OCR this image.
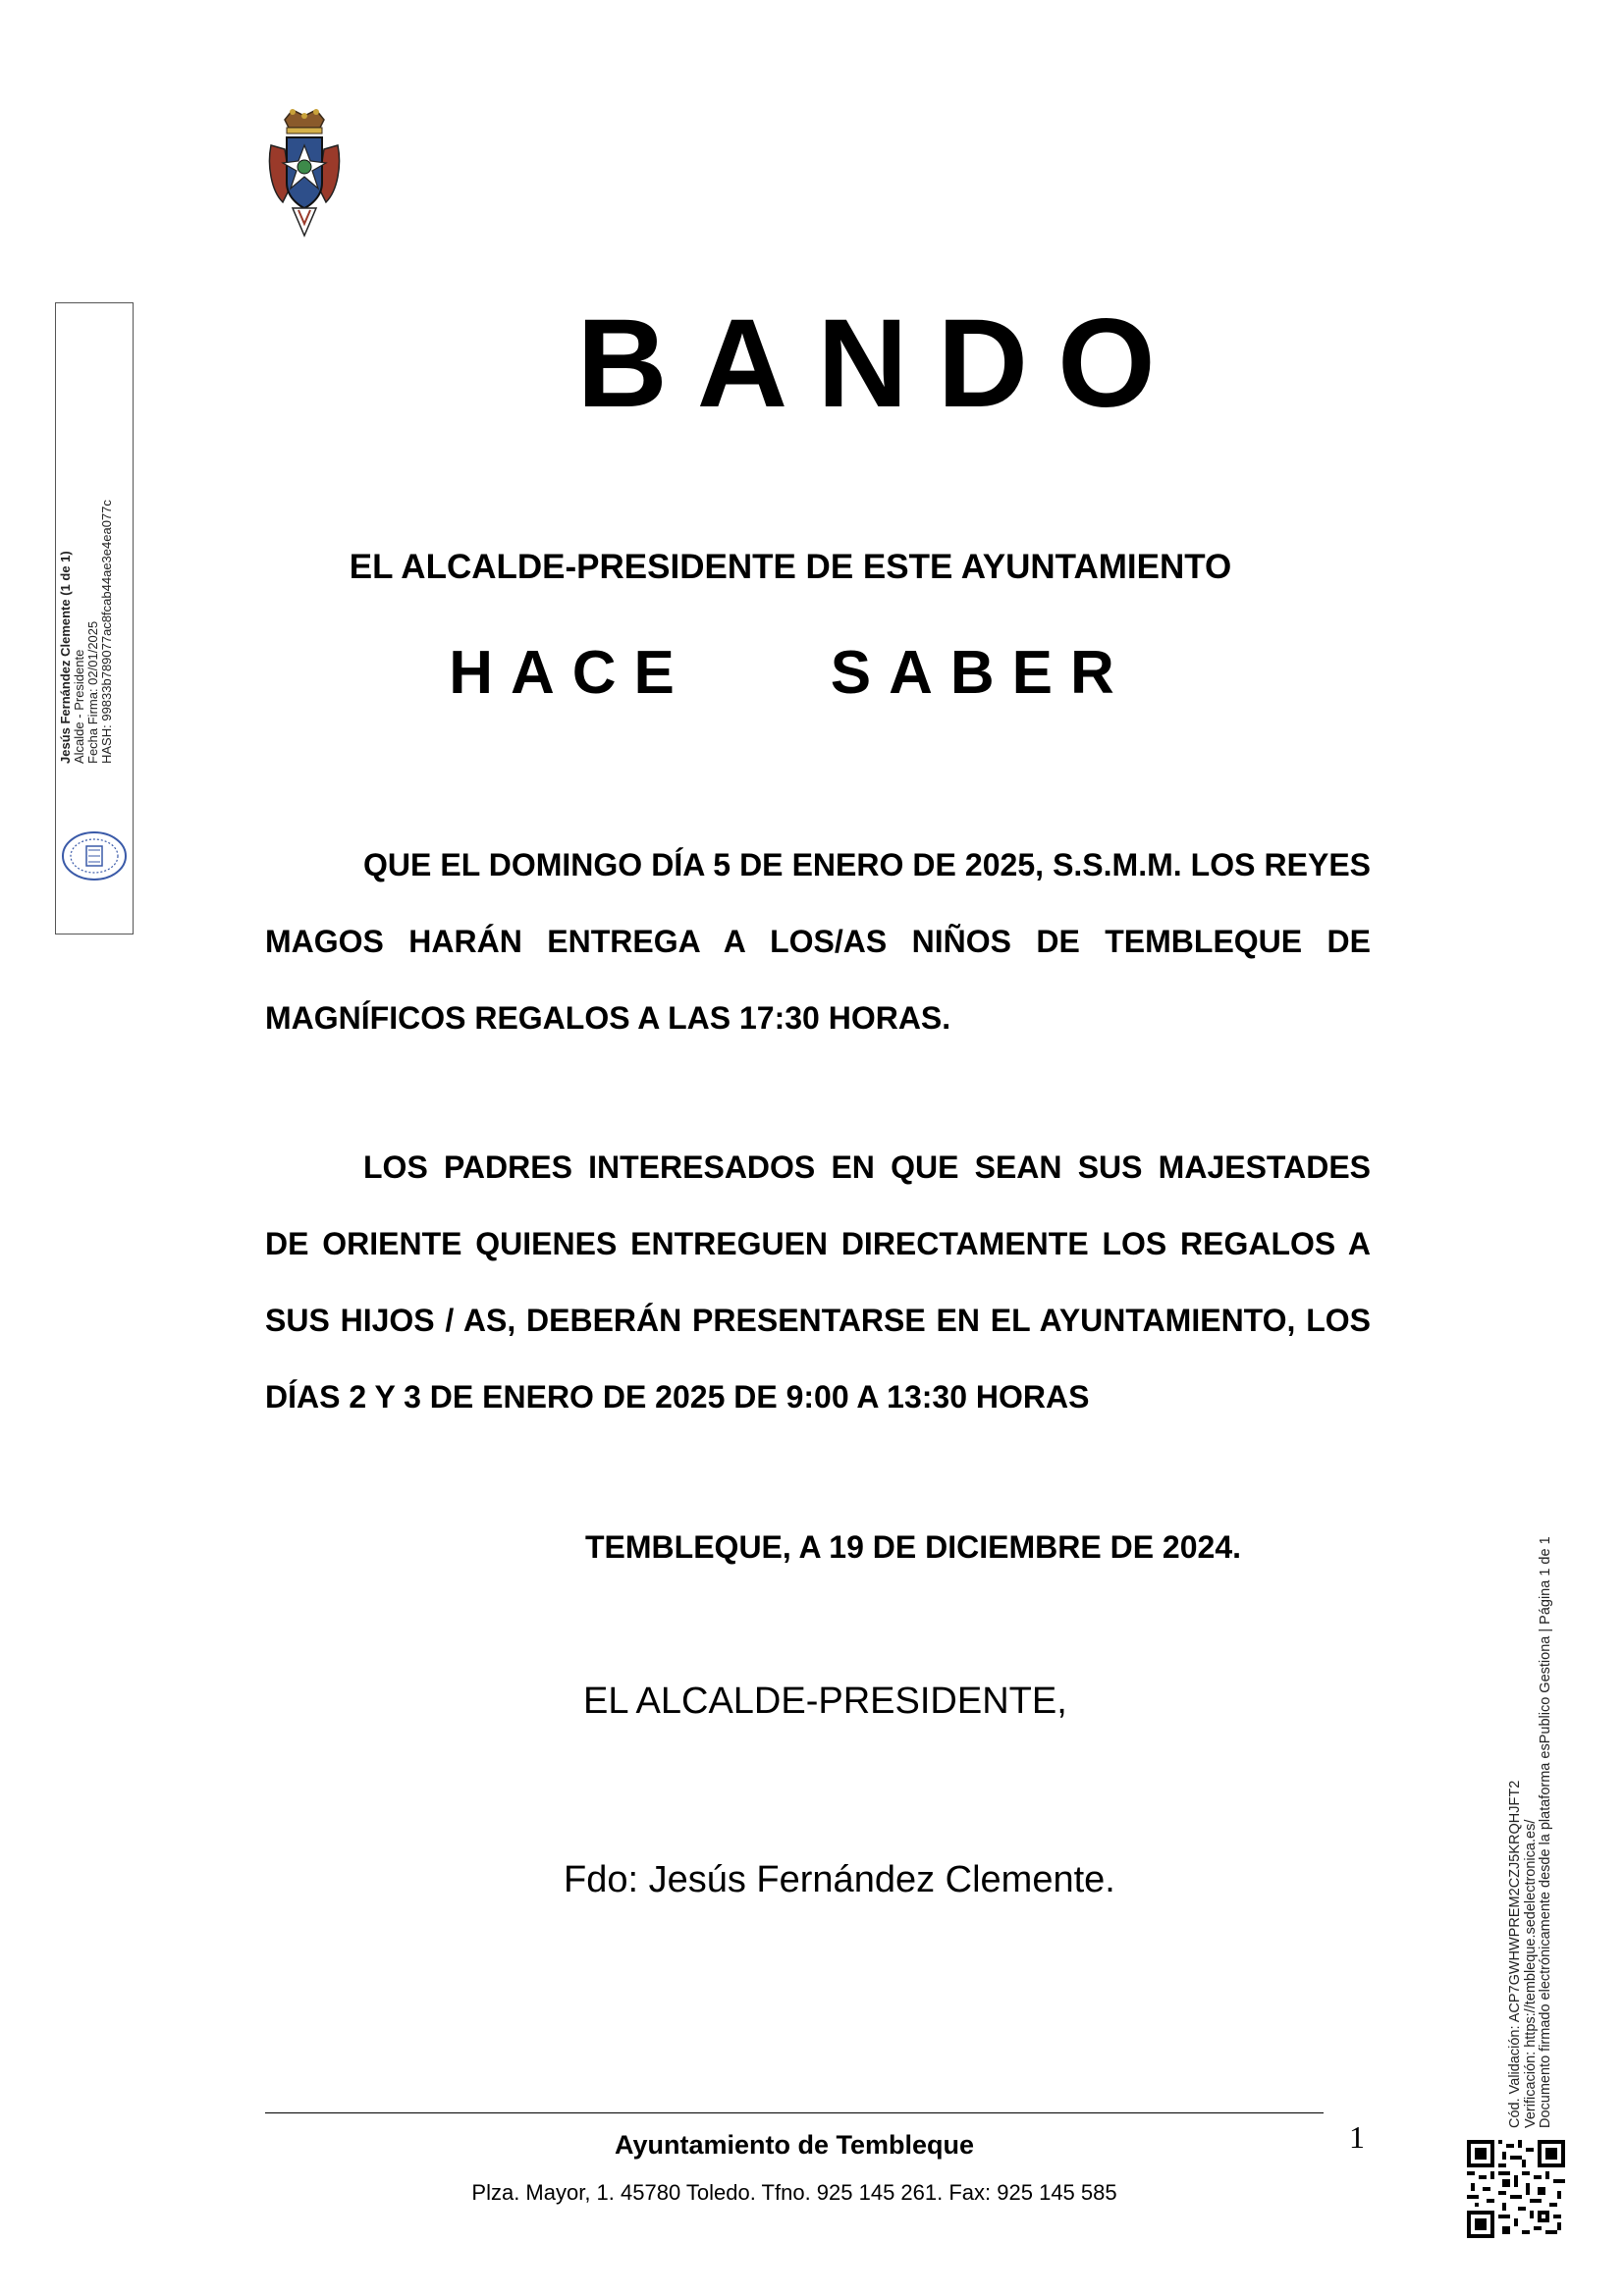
Jesús Fernández Clemente (1 de 1) Alcalde - Presidente Fecha Firma: 02/01/2025 HASH: 99833b789077ac8fcab44ae3e4ea077c
BANDO
EL ALCALDE-PRESIDENTE DE ESTE AYUNTAMIENTO
HACE    SABER
QUE EL DOMINGO DÍA 5 DE ENERO DE 2025, S.S.M.M. LOS REYES MAGOS HARÁN ENTREGA A LOS/AS NIÑOS DE TEMBLEQUE DE MAGNÍFICOS REGALOS A LAS 17:30 HORAS.
LOS PADRES INTERESADOS EN QUE SEAN SUS MAJESTADES DE ORIENTE QUIENES ENTREGUEN DIRECTAMENTE LOS REGALOS A SUS HIJOS / AS, DEBERÁN PRESENTARSE EN EL AYUNTAMIENTO, LOS DÍAS 2 Y 3 DE ENERO DE 2025 DE 9:00 A 13:30 HORAS
TEMBLEQUE, A 19 DE DICIEMBRE DE 2024.
EL ALCALDE-PRESIDENTE,
Fdo: Jesús Fernández Clemente.
1
Ayuntamiento de Tembleque
Plza. Mayor, 1. 45780 Toledo. Tfno. 925 145 261. Fax: 925 145 585
Cód. Validación: ACP7GWHWPREM2CZJ5KRQHJFT2 Verificación: https://tembleque.sedelectronica.es/ Documento firmado electrónicamente desde la plataforma esPublico Gestiona | Página 1 de 1
